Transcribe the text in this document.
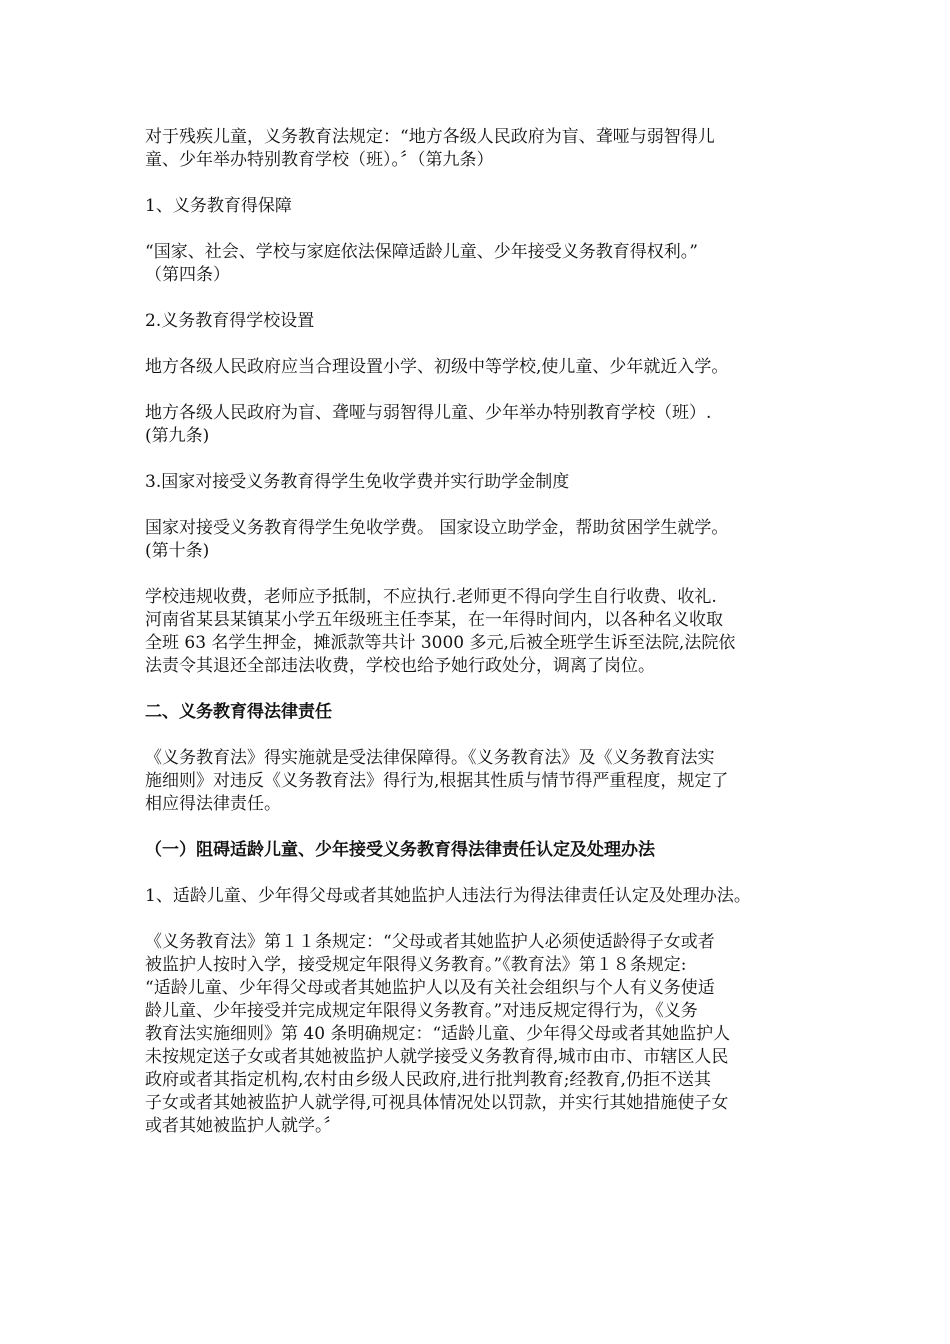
对于残疾儿童，义务教育法规定：“地方各级人民政府为盲、聋哑与弱智得儿
童、少年举办特别教育学校（班）。〞（第九条）
1、义务教育得保障
“国家、社会、学校与家庭依法保障适龄儿童、少年接受义务教育得权利。”
（第四条）
2.义务教育得学校设置
地方各级人民政府应当合理设置小学、初级中等学校,使儿童、少年就近入学。
地方各级人民政府为盲、聋哑与弱智得儿童、少年举办特别教育学校（班）.
(第九条)
3.国家对接受义务教育得学生免收学费并实行助学金制度
国家对接受义务教育得学生免收学费。 国家设立助学金，帮助贫困学生就学。
(第十条)
学校违规收费，老师应予抵制，不应执行.老师更不得向学生自行收费、收礼.
河南省某县某镇某小学五年级班主任李某，在一年得时间内，以各种名义收取
全班 63 名学生押金，摊派款等共计 3000 多元,后被全班学生诉至法院,法院依
法责令其退还全部违法收费，学校也给予她行政处分，调离了岗位。
二、义务教育得法律责任
《义务教育法》得实施就是受法律保障得。《义务教育法》及《义务教育法实
施细则》对违反《义务教育法》得行为,根据其性质与情节得严重程度，规定了
相应得法律责任。
（一）阻碍适龄儿童、少年接受义务教育得法律责任认定及处理办法
1、适龄儿童、少年得父母或者其她监护人违法行为得法律责任认定及处理办法。
《义务教育法》第１１条规定：“父母或者其她监护人必须使适龄得子女或者
被监护人按时入学，接受规定年限得义务教育。”《教育法》第１８条规定:
“适龄儿童、少年得父母或者其她监护人以及有关社会组织与个人有义务使适
龄儿童、少年接受并完成规定年限得义务教育。”对违反规定得行为，《义务
教育法实施细则》第 40 条明确规定：“适龄儿童、少年得父母或者其她监护人
未按规定送子女或者其她被监护人就学接受义务教育得,城市由市、市辖区人民
政府或者其指定机构,农村由乡级人民政府,进行批判教育;经教育,仍拒不送其
子女或者其她被监护人就学得,可视具体情况处以罚款，并实行其她措施使子女
或者其她被监护人就学。〞
